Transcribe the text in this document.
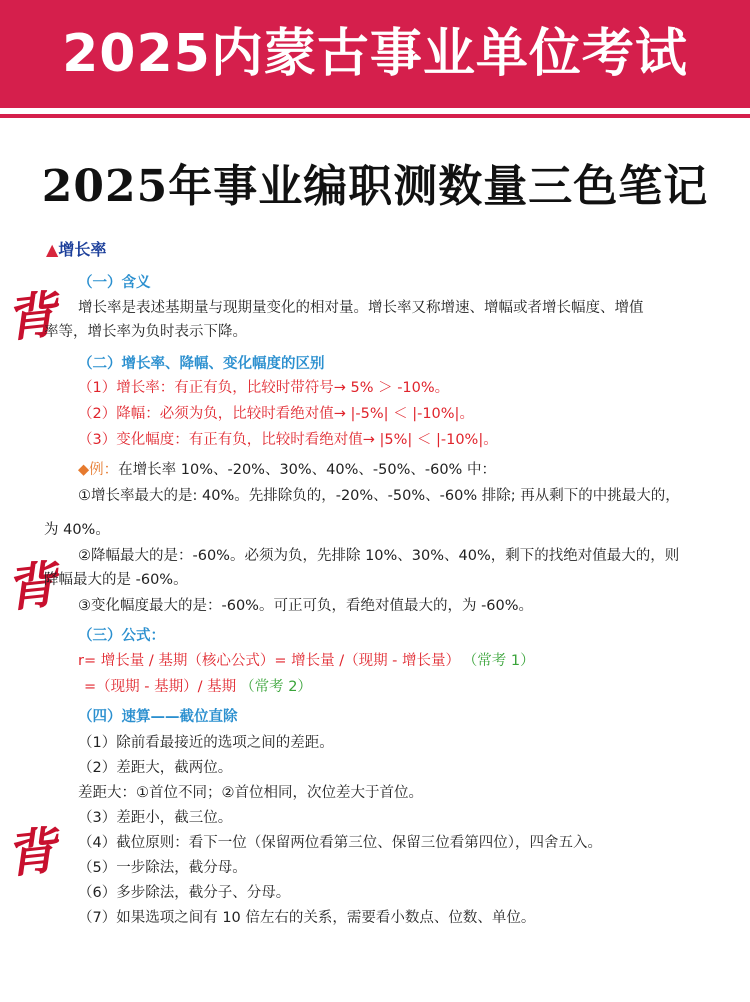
2025内蒙古事业单位考试
2025年事业编职测数量三色笔记
背
背
背
▲增长率
（一）含义
增长率是表述基期量与现期量变化的相对量。增长率又称增速、增幅或者增长幅度、增值
率等，增长率为负时表示下降。
（二）增长率、降幅、变化幅度的区别
（1）增长率：有正有负，比较时带符号→ 5% ＞ -10%。
（2）降幅：必须为负，比较时看绝对值→ |-5%| ＜ |-10%|。
（3）变化幅度：有正有负，比较时看绝对值→ |5%| ＜ |-10%|。
◆例：在增长率 10%、-20%、30%、40%、-50%、-60% 中：
①增长率最大的是: 40%。先排除负的，-20%、-50%、-60% 排除; 再从剩下的中挑最大的，
为 40%。
②降幅最大的是：-60%。必须为负，先排除 10%、30%、40%，剩下的找绝对值最大的，则
降幅最大的是 -60%。
③变化幅度最大的是：-60%。可正可负，看绝对值最大的，为 -60%。
（三）公式：
r= 增长量 / 基期（核心公式）= 增长量 /（现期 - 增长量） （常考 1）
=（现期 - 基期）/ 基期 （常考 2）
（四）速算——截位直除
（1）除前看最接近的选项之间的差距。
（2）差距大，截两位。
差距大：①首位不同；②首位相同，次位差大于首位。
（3）差距小，截三位。
（4）截位原则：看下一位（保留两位看第三位、保留三位看第四位），四舍五入。
（5）一步除法，截分母。
（6）多步除法，截分子、分母。
（7）如果选项之间有 10 倍左右的关系，需要看小数点、位数、单位。
